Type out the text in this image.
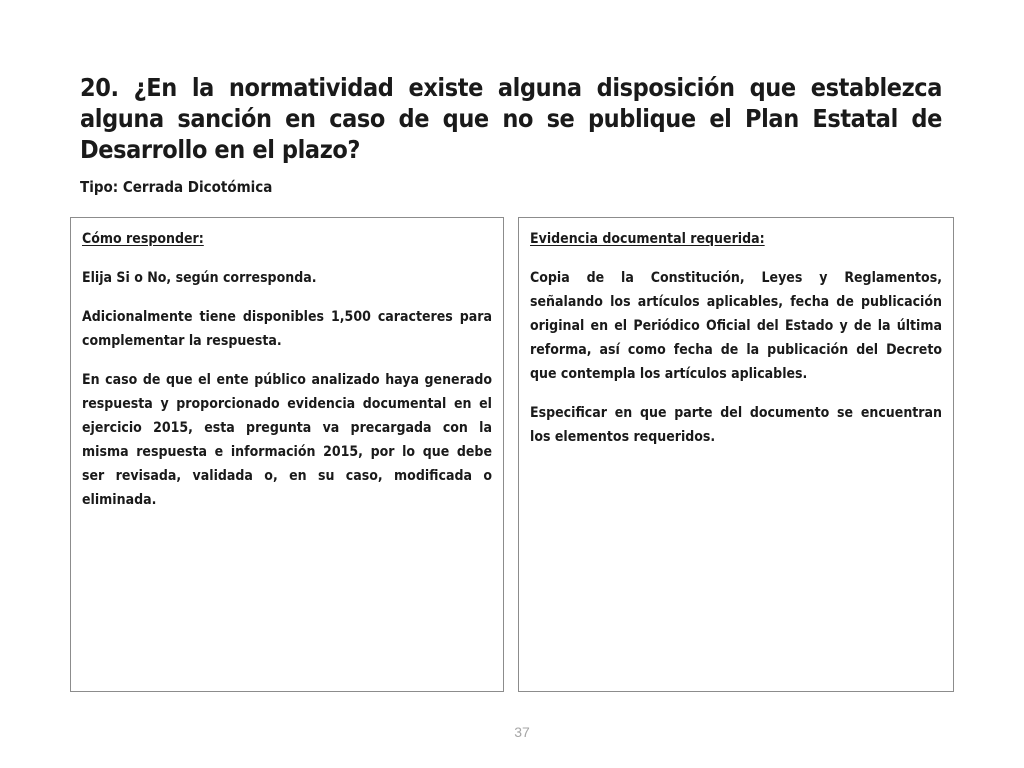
20. ¿En la normatividad existe alguna disposición que establezca alguna sanción en caso de que no se publique el Plan Estatal de Desarrollo en el plazo?
Tipo: Cerrada Dicotómica
Cómo responder:

Elija Si o No, según corresponda.

Adicionalmente tiene disponibles 1,500 caracteres para complementar la respuesta.

En caso de que el ente público analizado haya generado respuesta y proporcionado evidencia documental en el ejercicio 2015, esta pregunta va precargada con la misma respuesta e información 2015, por lo que debe ser revisada, validada o, en su caso, modificada o eliminada.

Evidencia documental requerida:

Copia de la Constitución, Leyes y Reglamentos, señalando los artículos aplicables, fecha de publicación original en el Periódico Oficial del Estado y de la última reforma, así como fecha de la publicación del Decreto que contempla los artículos aplicables.

Especificar en que parte del documento se encuentran los elementos requeridos.

37
